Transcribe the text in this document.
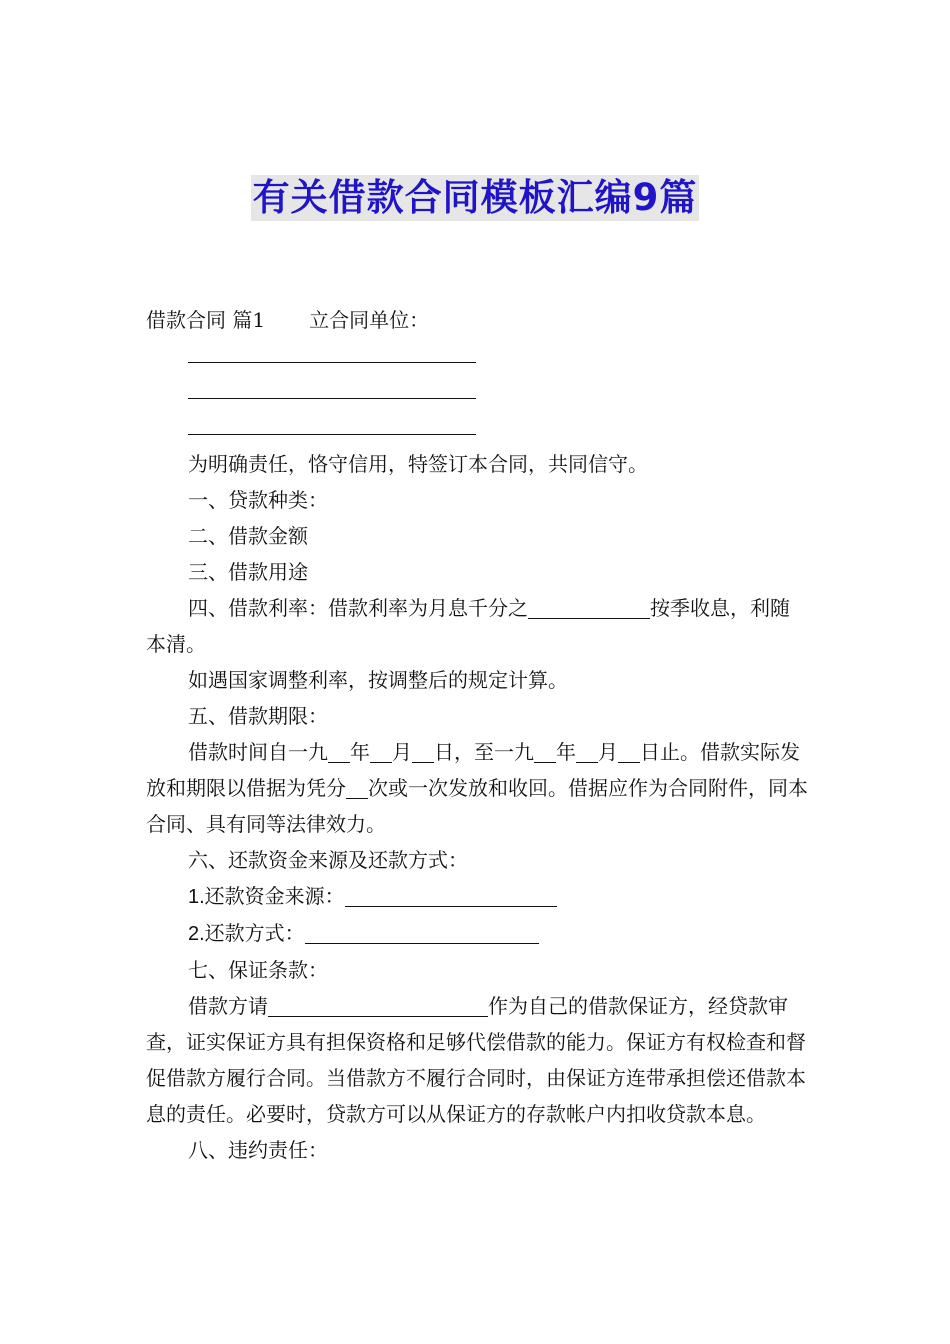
有关借款合同模板汇编9篇

借款合同 篇1 立合同单位：

为明确责任，恪守信用，特签订本合同，共同信守。

一、贷款种类：

二、借款金额

三、借款用途

四、借款利率：借款利率为月息千分之	按季收息，利随本清。

如遇国家调整利率，按调整后的规定计算。

五、借款期限：

借款时间自一九 年 月 日，至一九 年 月 日止。借款实际发放和期限以借据为凭分 次或一次发放和收回。借据应作为合同附件，同本合同、具有同等法律效力。

六、还款资金来源及还款方式：

1.还款资金来源：

2.还款方式：

七、保证条款：

借款方请	作为自己的借款保证方，经贷款审查，证实保证方具有担保资格和足够代偿借款的能力。保证方有权检查和督促借款方履行合同。当借款方不履行合同时，由保证方连带承担偿还借款本息的责任。必要时，贷款方可以从保证方的存款帐户内扣收贷款本息。

八、违约责任：
